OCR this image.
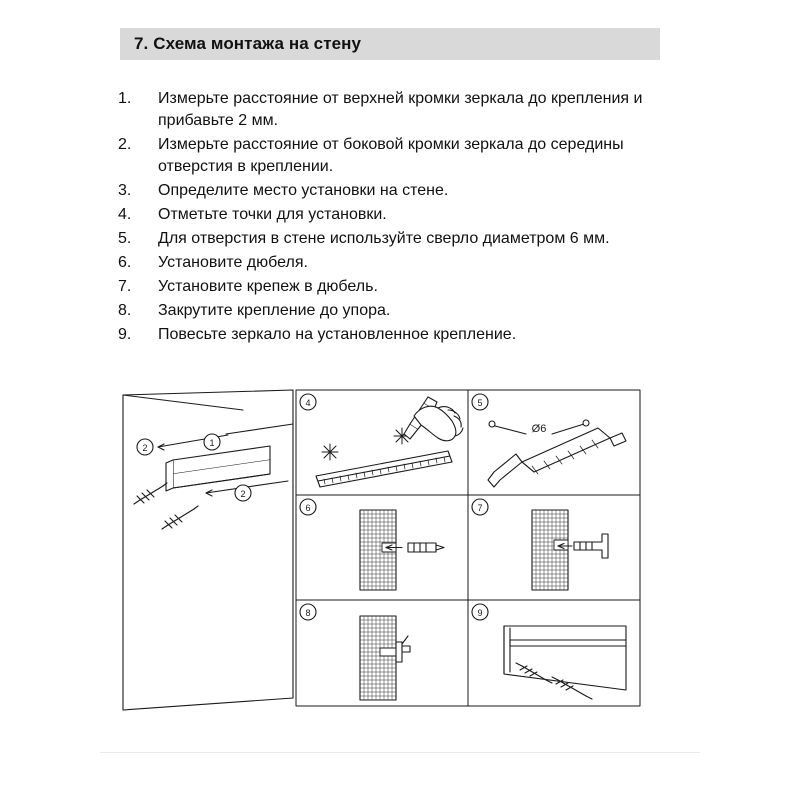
7. Схема монтажа на стену
1.	Измерьте расстояние от верхней кромки зеркала до крепления и прибавьте 2 мм.
2.	Измерьте расстояние от боковой кромки зеркала до середины отверстия в креплении.
3.	Определите место установки на стене.
4.	Отметьте точки для установки.
5.	Для отверстия в стене используйте сверло диаметром 6 мм.
6.	Установите дюбеля.
7.	Установите крепеж в дюбель.
8.	Закрутите крепление до упора.
9.	Повесьте зеркало на установленное крепление.
2	1
2
4	5
Ø6
6	7
8	9
